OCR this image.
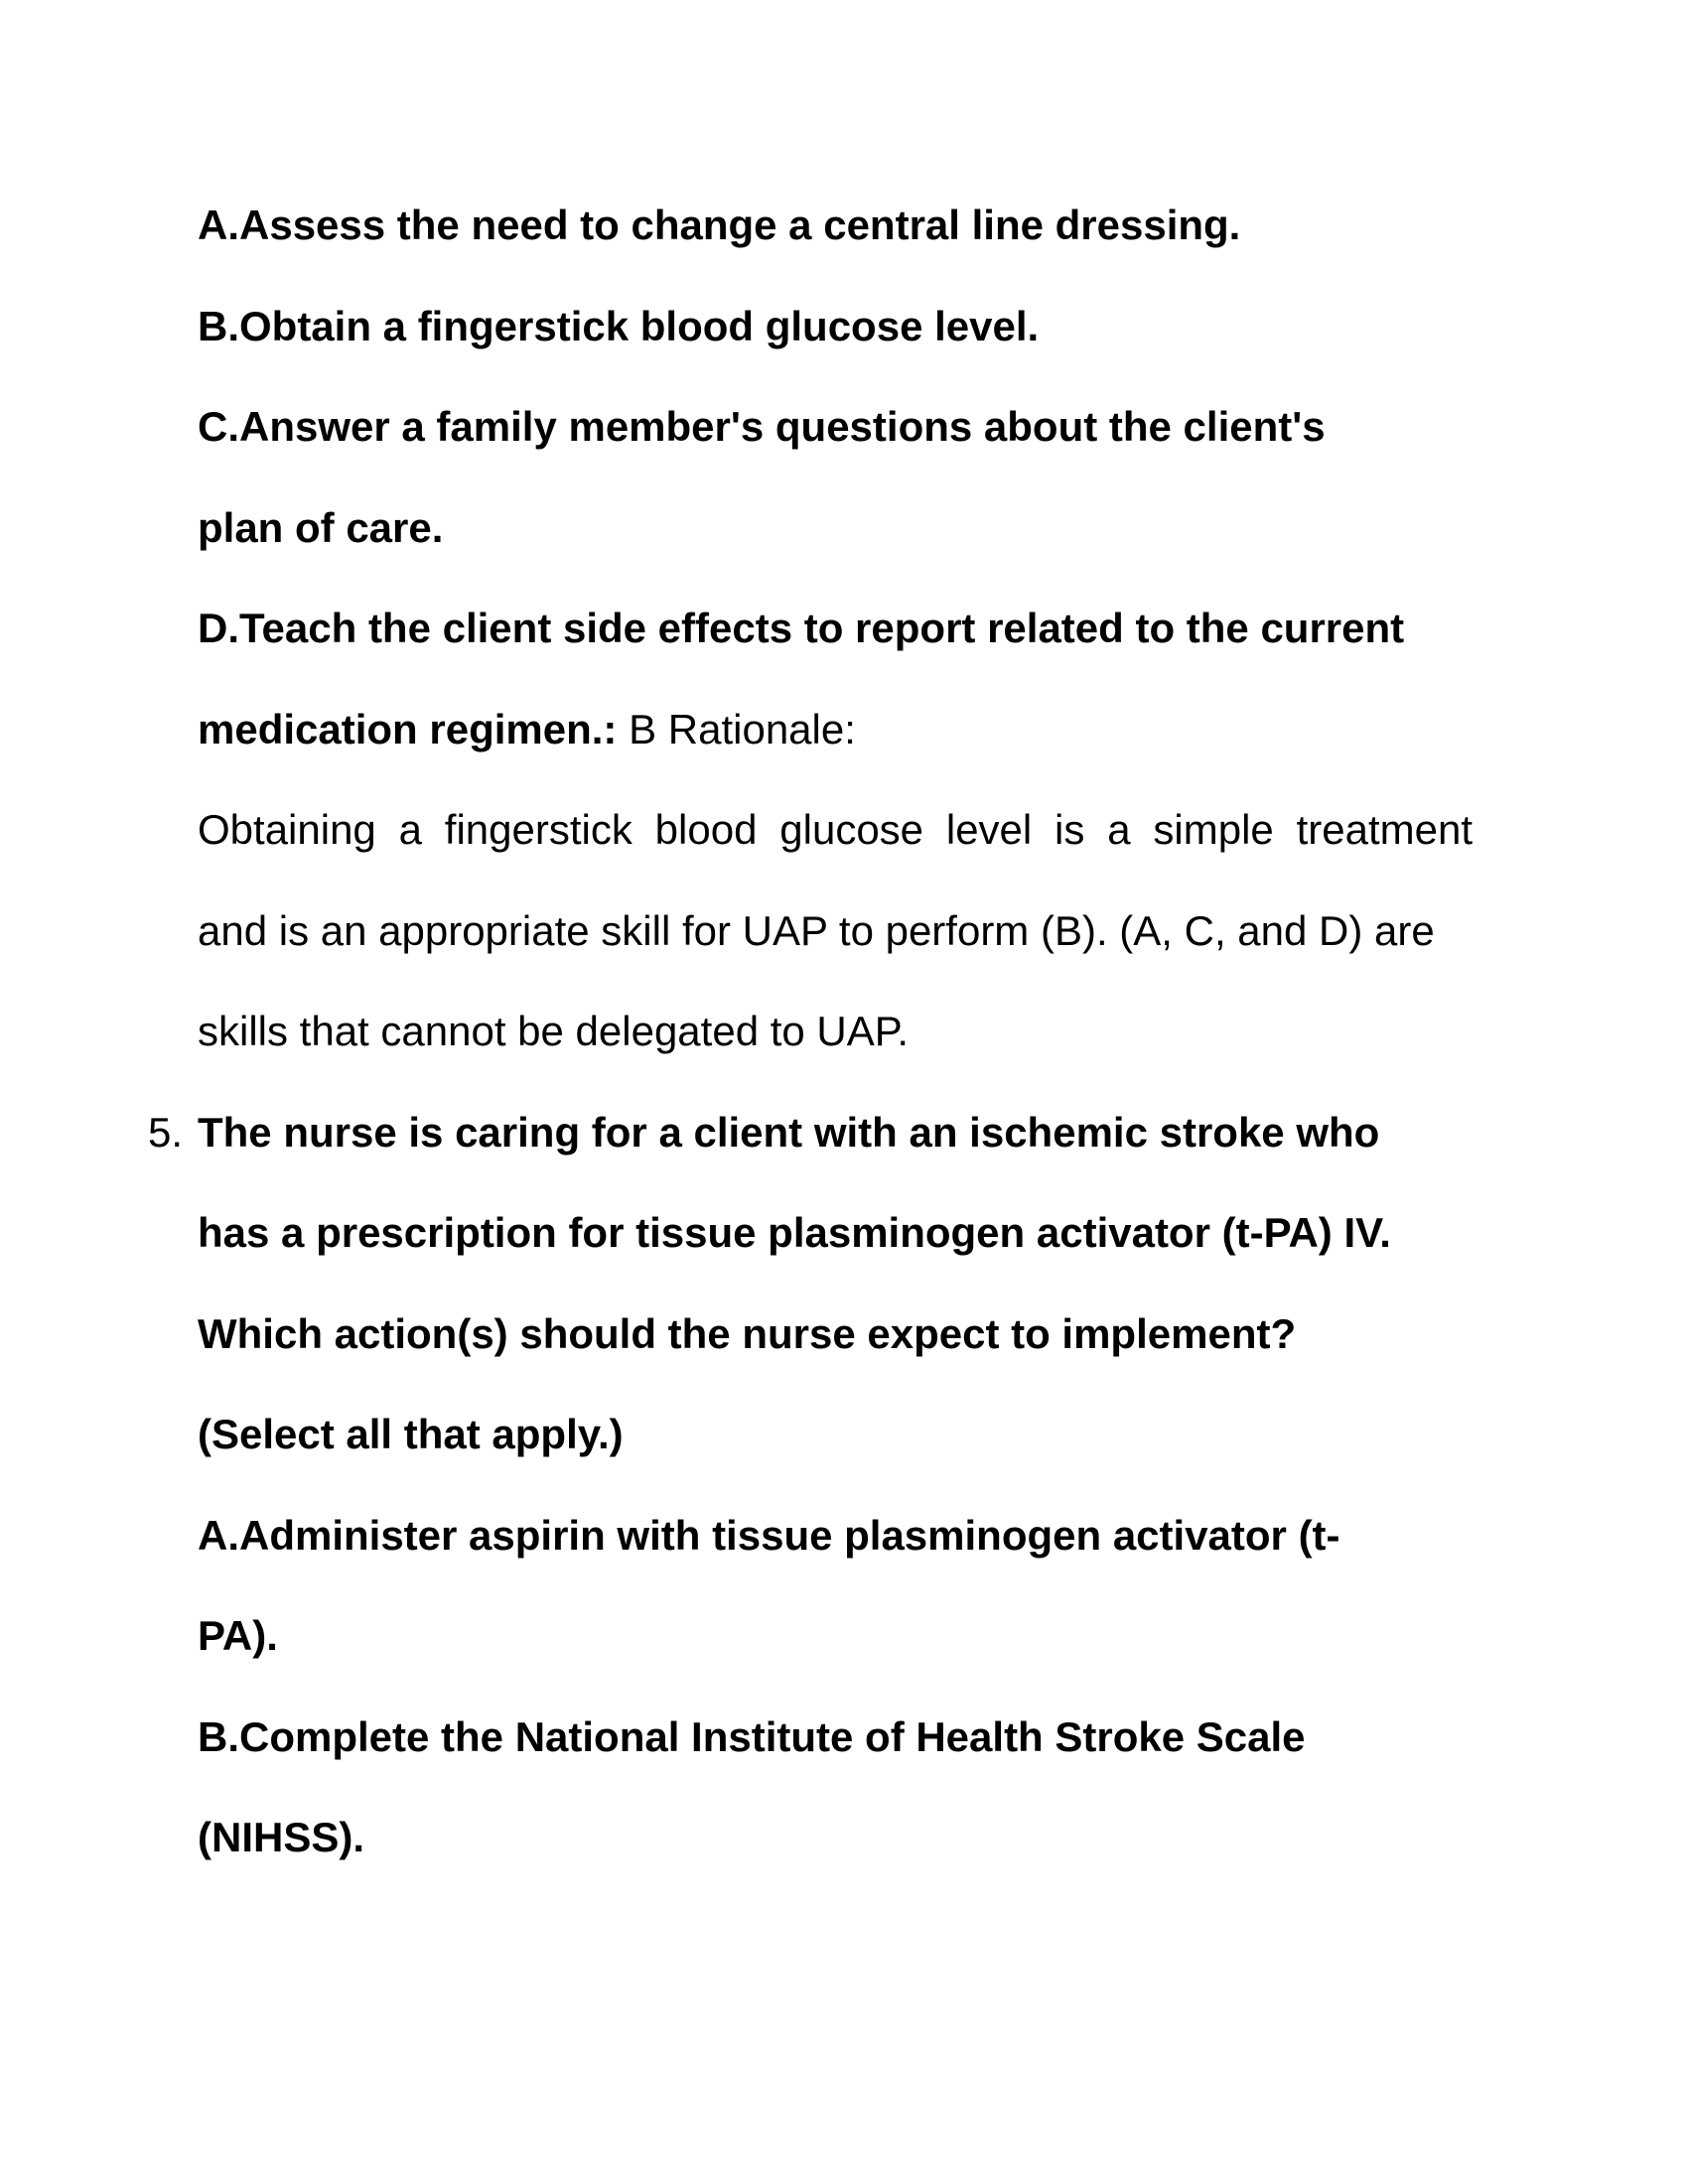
A.Assess the need to change a central line dressing.
B.Obtain a fingerstick blood glucose level.
C.Answer a family member's questions about the client's
plan of care.
D.Teach the client side effects to report related to the current
medication regimen.: B Rationale:
Obtaining a fingerstick blood glucose level is a simple treatment
and is an appropriate skill for UAP to perform (B). (A, C, and D) are
skills that cannot be delegated to UAP.
5. The nurse is caring for a client with an ischemic stroke who
has a prescription for tissue plasminogen activator (t-PA) IV.
Which action(s) should the nurse expect to implement?
(Select all that apply.)
A.Administer aspirin with tissue plasminogen activator (t-
PA).
B.Complete the National Institute of Health Stroke Scale
(NIHSS).
